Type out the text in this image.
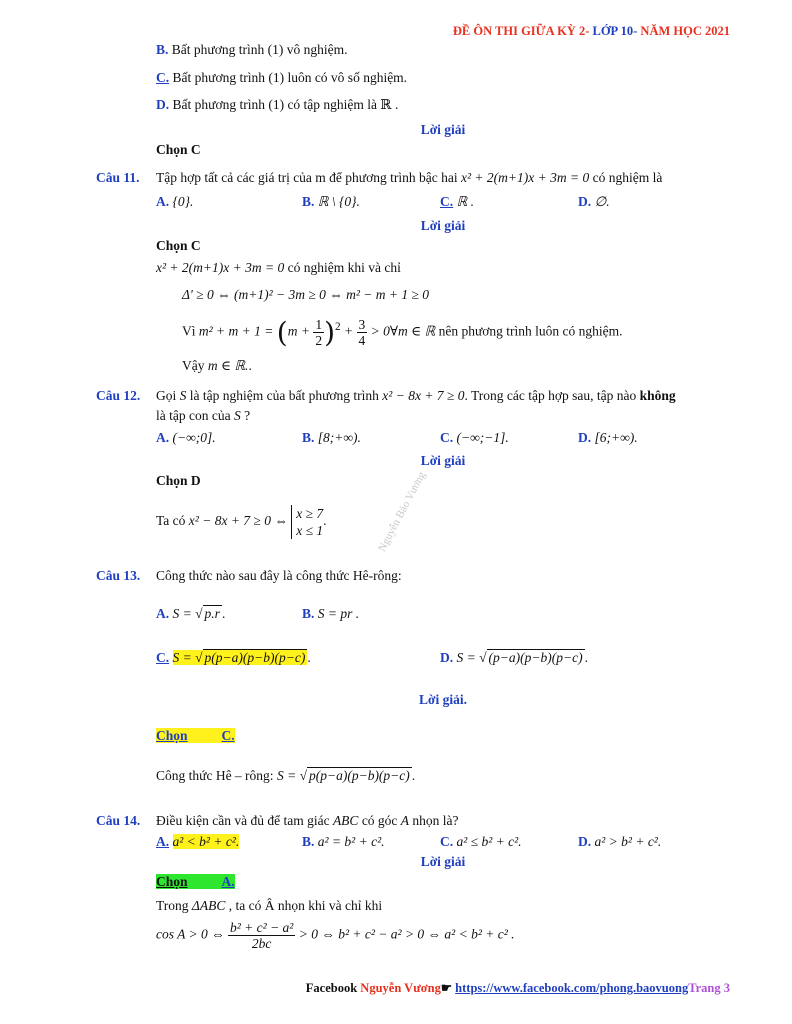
ĐỀ ÔN THI GIỮA KỲ 2- LỚP 10- NĂM HỌC 2021
B. Bất phương trình (1) vô nghiệm.
C. Bất phương trình (1) luôn có vô số nghiệm.
D. Bất phương trình (1) có tập nghiệm là ℝ .
Lời giải
Chọn C
Câu 11. Tập hợp tất cả các giá trị của m để phương trình bậc hai x² + 2(m+1)x + 3m = 0 có nghiệm là
A. {0}.	B. ℝ \ {0}.	C. ℝ .	D. ∅.
Lời giải
Chọn C
x² + 2(m+1)x + 3m = 0 có nghiệm khi và chỉ
Δ' ≥ 0 ⇔ (m+1)² − 3m ≥ 0 ⇔ m² − m + 1 ≥ 0
Vì $m^2 + m + 1 = (m + \frac{1}{2} )^2 + \frac{3}{4}$ > 0∀m ∈ ℝ nên phương trình luôn có nghiệm.
Vậy m ∈ ℝ..
Câu 12. Gọi S là tập nghiệm của bất phương trình x² − 8x + 7 ≥ 0. Trong các tập hợp sau, tập nào không
là tập con của S ?
A. (−∞;0].	B. [8;+∞).	C. (−∞;−1].	D. [6;+∞).
Lời giải
Chọn D
Ta có x² − 8x + 7 ≥ 0 ⇔ x ≥ 7
x ≤ 1
.	Nguyễn Bảo Vương
Câu 13. Công thức nào sau đây là công thức Hê-rông:
A. S = √ p.r .	B. S = pr .
C. S = √ p(p−a)(p−b)(p−c) .	D. S = √ (p−a)(p−b)(p−c) .
Lời giải.
Chọn	C.
Công thức Hê – rông: S = √ p(p−a)(p−b)(p−c) .
Câu 14. Điều kiện cần và đủ để tam giác ABC có góc A nhọn là?
A. a² < b² + c².	B. a² = b² + c².	C. a² ≤ b² + c².	D. a² > b² + c².
Lời giải
Chọn	A.
Trong ΔABC , ta có Â nhọn khi và chỉ khi
cos A > 0 ⇔ $\frac{\text{b² + c² − a²}}{2bc} > 0$ ⇔ b² + c² − a² > 0 ⇔ a² < b² + c² .
Facebook Nguyễn Vương☛ https://www.facebook.com/phong.baovuongTrang 3
